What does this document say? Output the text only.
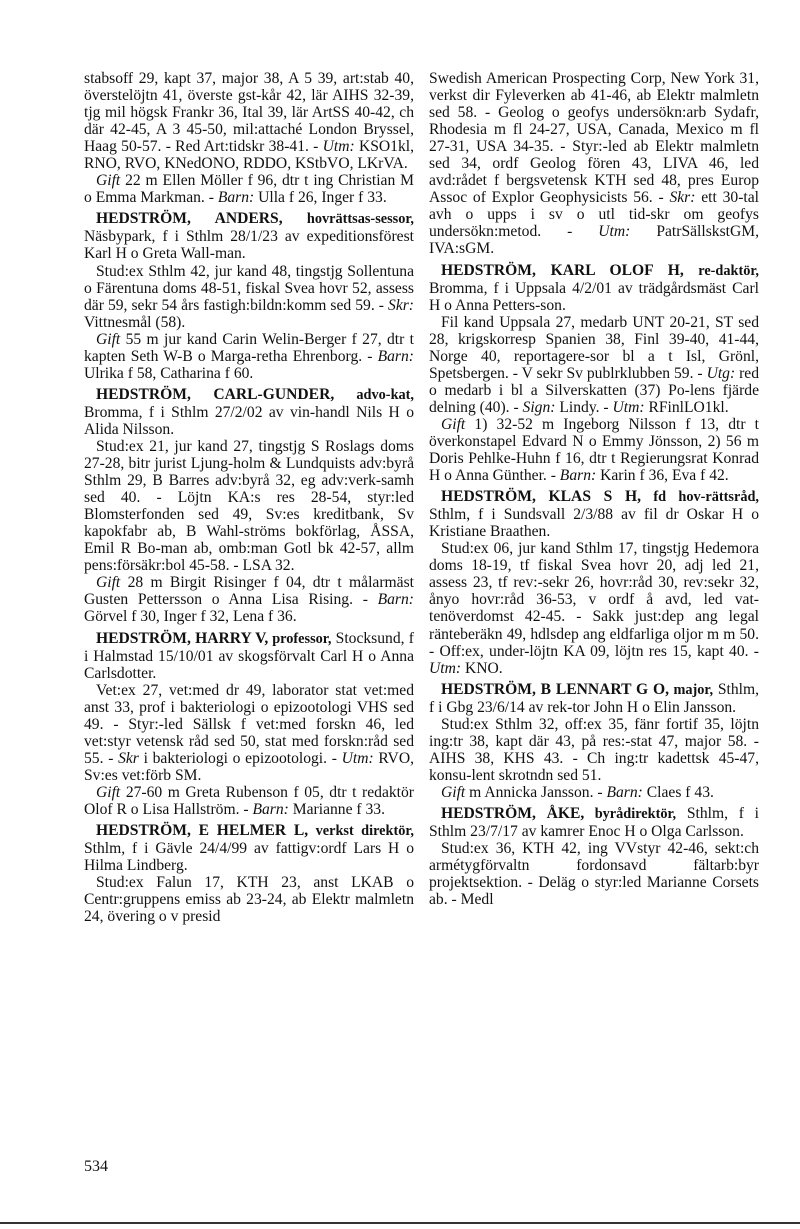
stabsoff 29, kapt 37, major 38, A 5 39, art:stab 40, överstelöjtn 41, överste gst-kår 42, lär AIHS 32-39, tjg mil högsk Frankr 36, Ital 39, lär ArtSS 40-42, ch där 42-45, A 3 45-50, mil:attaché London Bryssel, Haag 50-57. - Red Art:tidskr 38-41. - Utm: KSO1kl, RNO, RVO, KNedONO, RDDO, KStbVO, LKrVA.
Gift 22 m Ellen Möller f 96, dtr t ing Christian M o Emma Markman. - Barn: Ulla f 26, Inger f 33.
HEDSTRÖM, ANDERS, hovrättsas-sessor, Näsbypark, f i Sthlm 28/1/23 av expeditionsförest Karl H o Greta Wall-man.
Stud:ex Sthlm 42, jur kand 48, tingstjg Sollentuna o Färentuna doms 48-51, fiskal Svea hovr 52, assess där 59, sekr 54 års fastigh:bildn:komm sed 59. - Skr: Vittnesmål (58).
Gift 55 m jur kand Carin Welin-Berger f 27, dtr t kapten Seth W-B o Marga-retha Ehrenborg. - Barn: Ulrika f 58, Catharina f 60.
HEDSTRÖM, CARL-GUNDER, advo-kat, Bromma, f i Sthlm 27/2/02 av vin-handl Nils H o Alida Nilsson.
Stud:ex 21, jur kand 27, tingstjg S Roslags doms 27-28, bitr jurist Ljung-holm & Lundquists adv:byrå Sthlm 29, B Barres adv:byrå 32, eg adv:verk-samh sed 40. - Löjtn KA:s res 28-54, styr:led Blomsterfonden sed 49, Sv:es kreditbank, Sv kapokfabr ab, B Wahl-ströms bokförlag, ÅSSA, Emil R Bo-man ab, omb:man Gotl bk 42-57, allm pens:försäkr:bol 45-58. - LSA 32.
Gift 28 m Birgit Risinger f 04, dtr t målarmäst Gusten Pettersson o Anna Lisa Rising. - Barn: Görvel f 30, Inger f 32, Lena f 36.
HEDSTRÖM, HARRY V, professor, Stocksund, f i Halmstad 15/10/01 av skogsförvalt Carl H o Anna Carlsdotter.
Vet:ex 27, vet:med dr 49, laborator stat vet:med anst 33, prof i bakteriologi o epizootologi VHS sed 49. - Styr:-led Sällsk f vet:med forskn 46, led vet:styr vetensk råd sed 50, stat med forskn:råd sed 55. - Skr i bakteriologi o epizootologi. - Utm: RVO, Sv:es vet:förb SM.
Gift 27-60 m Greta Rubenson f 05, dtr t redaktör Olof R o Lisa Hallström. - Barn: Marianne f 33.
HEDSTRÖM, E HELMER L, verkst direktör, Sthlm, f i Gävle 24/4/99 av fattigv:ordf Lars H o Hilma Lindberg.
Stud:ex Falun 17, KTH 23, anst LKAB o Centr:gruppens emiss ab 23-24, ab Elektr malmletn 24, övering o v presid
Swedish American Prospecting Corp, New York 31, verkst dir Fyleverken ab 41-46, ab Elektr malmletn sed 58. - Geolog o geofys undersökn:arb Sydafr, Rhodesia m fl 24-27, USA, Canada, Mexico m fl 27-31, USA 34-35. - Styr:-led ab Elektr malmletn sed 34, ordf Geolog fören 43, LIVA 46, led avd:rådet f bergsvetensk KTH sed 48, pres Europ Assoc of Explor Geophysicists 56. - Skr: ett 30-tal avh o upps i sv o utl tid-skr om geofys undersökn:metod. - Utm: PatrSällskstGM, IVA:sGM.
HEDSTRÖM, KARL OLOF H, re-daktör, Bromma, f i Uppsala 4/2/01 av trädgårdsmäst Carl H o Anna Petters-son.
Fil kand Uppsala 27, medarb UNT 20-21, ST sed 28, krigskorresp Spanien 38, Finl 39-40, 41-44, Norge 40, reportagere-sor bl a t Isl, Grönl, Spetsbergen. - V sekr Sv publrklubben 59. - Utg: red o medarb i bl a Silverskatten (37) Po-lens fjärde delning (40). - Sign: Lindy. - Utm: RFinlLO1kl.
Gift 1) 32-52 m Ingeborg Nilsson f 13, dtr t överkonstapel Edvard N o Emmy Jönsson, 2) 56 m Doris Pehlke-Huhn f 16, dtr t Regierungsrat Konrad H o Anna Günther. - Barn: Karin f 36, Eva f 42.
HEDSTRÖM, KLAS S H, fd hov-rättsråd, Sthlm, f i Sundsvall 2/3/88 av fil dr Oskar H o Kristiane Braathen.
Stud:ex 06, jur kand Sthlm 17, tingstjg Hedemora doms 18-19, tf fiskal Svea hovr 20, adj led 21, assess 23, tf rev:-sekr 26, hovr:råd 30, rev:sekr 32, ånyo hovr:råd 36-53, v ordf å avd, led vat-tenöverdomst 42-45. - Sakk just:dep ang legal ränteberäkn 49, hdlsdep ang eldfarliga oljor m m 50. - Off:ex, under-löjtn KA 09, löjtn res 15, kapt 40. - Utm: KNO.
HEDSTRÖM, B LENNART G O, major, Sthlm, f i Gbg 23/6/14 av rek-tor John H o Elin Jansson.
Stud:ex Sthlm 32, off:ex 35, fänr fortif 35, löjtn ing:tr 38, kapt där 43, på res:-stat 47, major 58. - AIHS 38, KHS 43. - Ch ing:tr kadettsk 45-47, konsu-lent skrotndn sed 51.
Gift m Annicka Jansson. - Barn: Claes f 43.
HEDSTRÖM, ÅKE, byrådirektör, Sthlm, f i Sthlm 23/7/17 av kamrer Enoc H o Olga Carlsson.
Stud:ex 36, KTH 42, ing VVstyr 42-46, sekt:ch armétygförvaltn fordonsavd fältarb:byr projektsektion. - Deläg o styr:led Marianne Corsets ab. - Medl
534
